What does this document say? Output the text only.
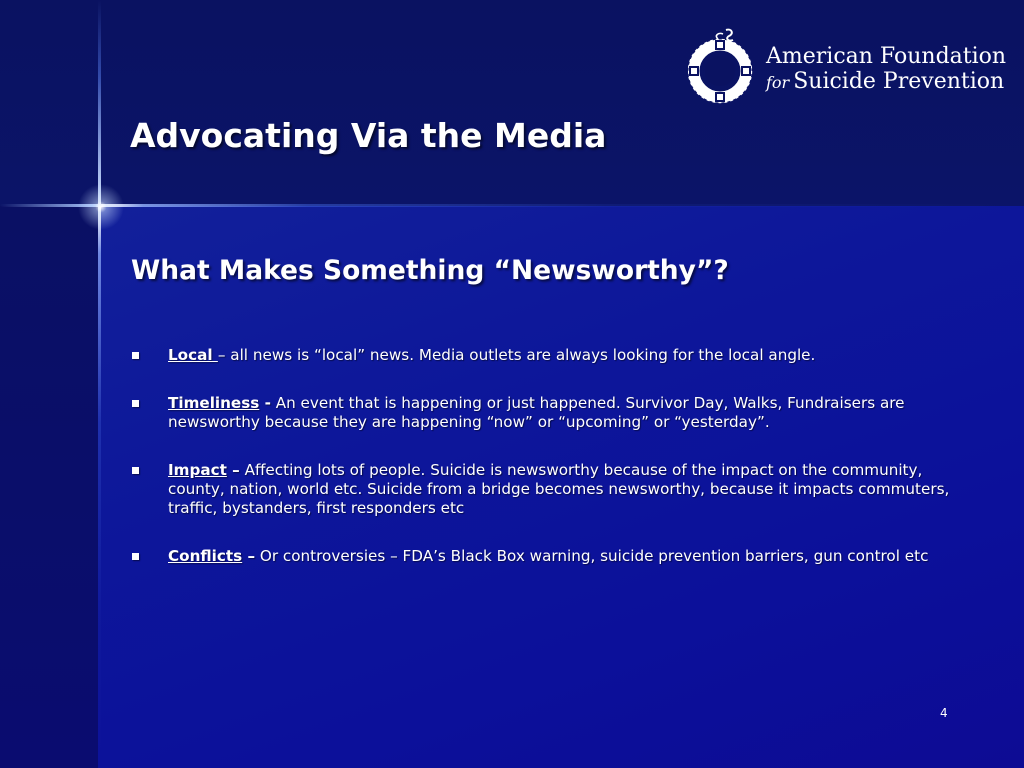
American Foundation
for Suicide Prevention
Advocating Via the Media
What Makes Something “Newsworthy”?
Local – all news is “local” news. Media outlets are always looking for the local angle.
Timeliness - An event that is happening or just happened. Survivor Day, Walks, Fundraisers are newsworthy because they are happening “now” or “upcoming” or “yesterday”.
Impact – Affecting lots of people. Suicide is newsworthy because of the impact on the community, county, nation, world etc. Suicide from a bridge becomes newsworthy, because it impacts commuters, traffic, bystanders, first responders etc
Conflicts – Or controversies – FDA’s Black Box warning, suicide prevention barriers, gun control etc
4
